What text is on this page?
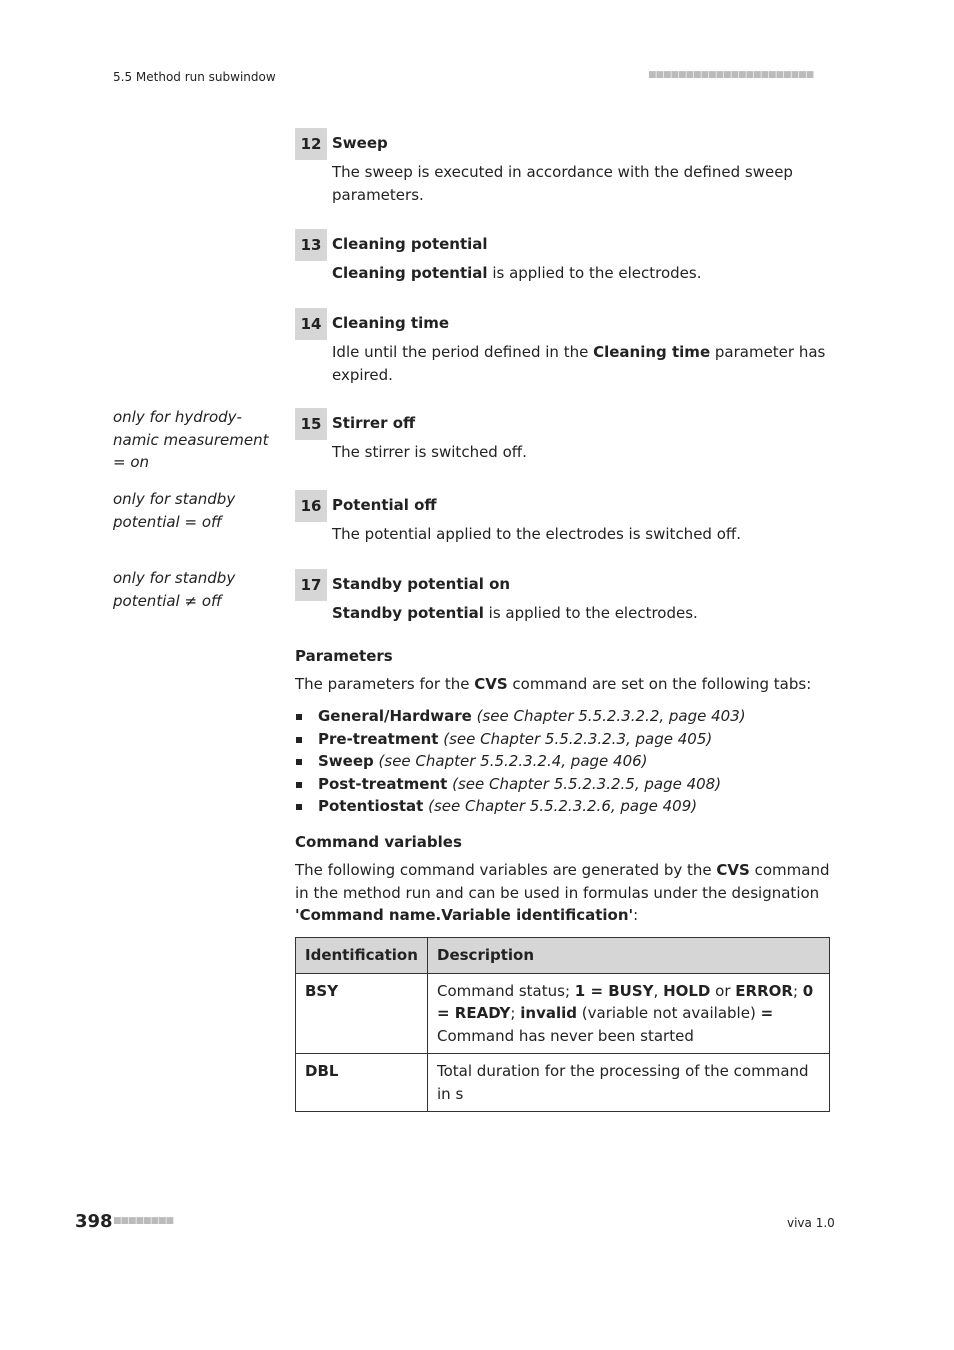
5.5 Method run subwindow	■■■■■■■■■■■■■■■■■■■■■■
only for hydrodynamic measurement = on
only for standby potential = off
only for standby potential ≠ off
12 Sweep
The sweep is executed in accordance with the defined sweep parameters.
13 Cleaning potential
Cleaning potential is applied to the electrodes.
14 Cleaning time
Idle until the period defined in the Cleaning time parameter has expired.
15 Stirrer off
The stirrer is switched off.
16 Potential off
The potential applied to the electrodes is switched off.
17 Standby potential on
Standby potential is applied to the electrodes.
Parameters
The parameters for the CVS command are set on the following tabs:
General/Hardware (see Chapter 5.5.2.3.2.2, page 403)
Pre-treatment (see Chapter 5.5.2.3.2.3, page 405)
Sweep (see Chapter 5.5.2.3.2.4, page 406)
Post-treatment (see Chapter 5.5.2.3.2.5, page 408)
Potentiostat (see Chapter 5.5.2.3.2.6, page 409)
Command variables
The following command variables are generated by the CVS command in the method run and can be used in formulas under the designation 'Command name.Variable identification':
Identification	Description
BSY	Command status; 1 = BUSY, HOLD or ERROR; 0 = READY; invalid (variable not available) = Command has never been started
DBL	Total duration for the processing of the command in s
398 ■■■■■■■■	viva 1.0
